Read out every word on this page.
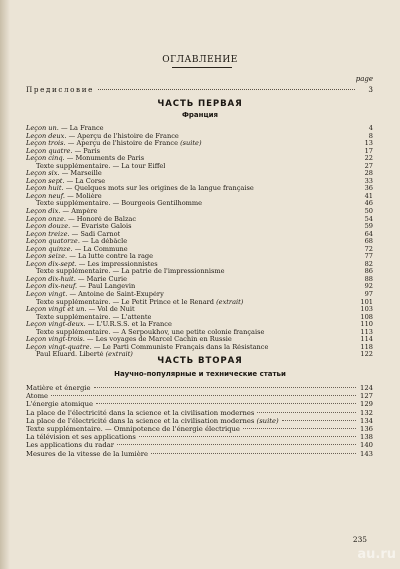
ОГЛАВЛЕНИЕ
page
Предисловие	3
ЧАСТЬ ПЕРВАЯ
Франция
Leçon un. — La France	4
Leçon deux. — Aperçu de l'histoire de France	8
Leçon trois. — Aperçu de l'histoire de France (suite)	13
Leçon quatre. — Paris	17
Leçon cinq. — Monuments de Paris	22
Texte supplémentaire. — La tour Eiffel	27
Leçon six. — Marseille	28
Leçon sept. — La Corse	33
Leçon huit. — Quelques mots sur les origines de la langue française	36
Leçon neuf. — Molière	41
Texte supplémentaire. — Bourgeois Gentilhomme	46
Leçon dix. — Ampère	50
Leçon onze. — Honoré de Balzac	54
Leçon douze. — Evariste Galois	59
Leçon treize. — Sadi Carnot	64
Leçon quatorze. — La débâcle	68
Leçon quinze. — La Commune	72
Leçon seize. — La lutte contre la rage	77
Leçon dix-sept. — Les impressionnistes	82
Texte supplémentaire. — La patrie de l'impressionnisme	86
Leçon dix-huit. — Marie Curie	88
Leçon dix-neuf. — Paul Langevin	92
Leçon vingt. — Antoine de Saint-Exupéry	97
Texte supplémentaire. — Le Petit Prince et le Renard (extrait)	101
Leçon vingt et un. — Vol de Nuit	103
Texte supplémentaire. — L'attente	108
Leçon vingt-deux. — L'U.R.S.S. et la France	110
Texte supplémentaire. — A Serpoukhov, une petite colonie française	113
Leçon vingt-trois. — Les voyages de Marcel Cachin en Russie	114
Leçon vingt-quatre. — Le Parti Communiste Français dans la Résistance	118
Paul Eluard. Liberté (extrait)	122
ЧАСТЬ ВТОРАЯ
Научно-популярные и технические статьи
Matière et énergie	124
Atome	127
L'énergie atomique	129
La place de l'électricité dans la science et la civilisation modernes	132
La place de l'électricité dans la science et la civilisation modernes (suite)	134
Texte supplémentaire. — Omnipotence de l'énergie électrique	136
La télévision et ses applications	138
Les applications du radar	140
Mesures de la vitesse de la lumière	143
235
au.ru
